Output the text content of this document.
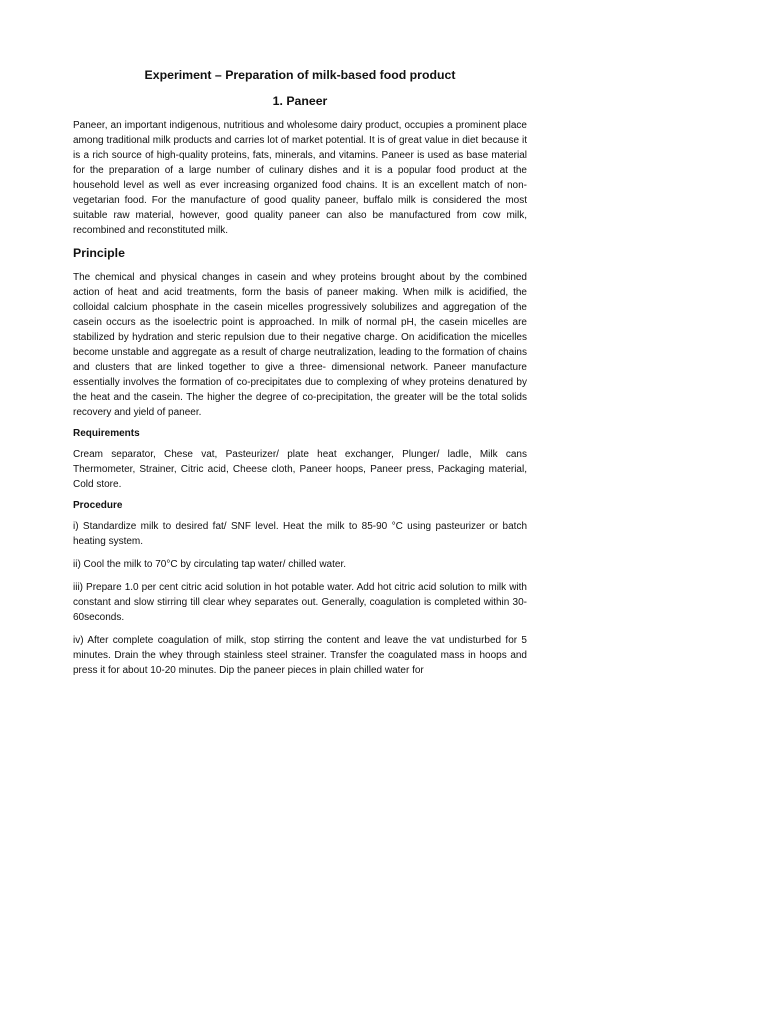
Experiment – Preparation of milk-based food product
1. Paneer

Paneer, an important indigenous, nutritious and wholesome dairy product, occupies a prominent place among traditional milk products and carries lot of market potential. It is of great value in diet because it is a rich source of high-quality proteins, fats, minerals, and vitamins. Paneer is used as base material for the preparation of a large number of culinary dishes and it is a popular food product at the household level as well as ever increasing organized food chains. It is an excellent match of non-vegetarian food. For the manufacture of good quality paneer, buffalo milk is considered the most suitable raw material, however, good quality paneer can also be manufactured from cow milk, recombined and reconstituted milk.

Principle

The chemical and physical changes in casein and whey proteins brought about by the combined action of heat and acid treatments, form the basis of paneer making. When milk is acidified, the colloidal calcium phosphate in the casein micelles progressively solubilizes and aggregation of the casein occurs as the isoelectric point is approached. In milk of normal pH, the casein micelles are stabilized by hydration and steric repulsion due to their negative charge. On acidification the micelles become unstable and aggregate as a result of charge neutralization, leading to the formation of chains and clusters that are linked together to give a three- dimensional network. Paneer manufacture essentially involves the formation of co-precipitates due to complexing of whey proteins denatured by the heat and the casein. The higher the degree of co-precipitation, the greater will be the total solids recovery and yield of paneer.

Requirements

Cream separator, Chese vat, Pasteurizer/ plate heat exchanger, Plunger/ ladle, Milk cans Thermometer, Strainer, Citric acid, Cheese cloth, Paneer hoops, Paneer press, Packaging material, Cold store.

Procedure

i) Standardize milk to desired fat/ SNF level. Heat the milk to 85-90 °C using pasteurizer or batch heating system.

ii) Cool the milk to 70°C by circulating tap water/ chilled water.

iii) Prepare 1.0 per cent citric acid solution in hot potable water. Add hot citric acid solution to milk with constant and slow stirring till clear whey separates out. Generally, coagulation is completed within 30-60seconds.

iv) After complete coagulation of milk, stop stirring the content and leave the vat undisturbed for 5 minutes. Drain the whey through stainless steel strainer. Transfer the coagulated mass in hoops and press it for about 10-20 minutes. Dip the paneer pieces in plain chilled water for
